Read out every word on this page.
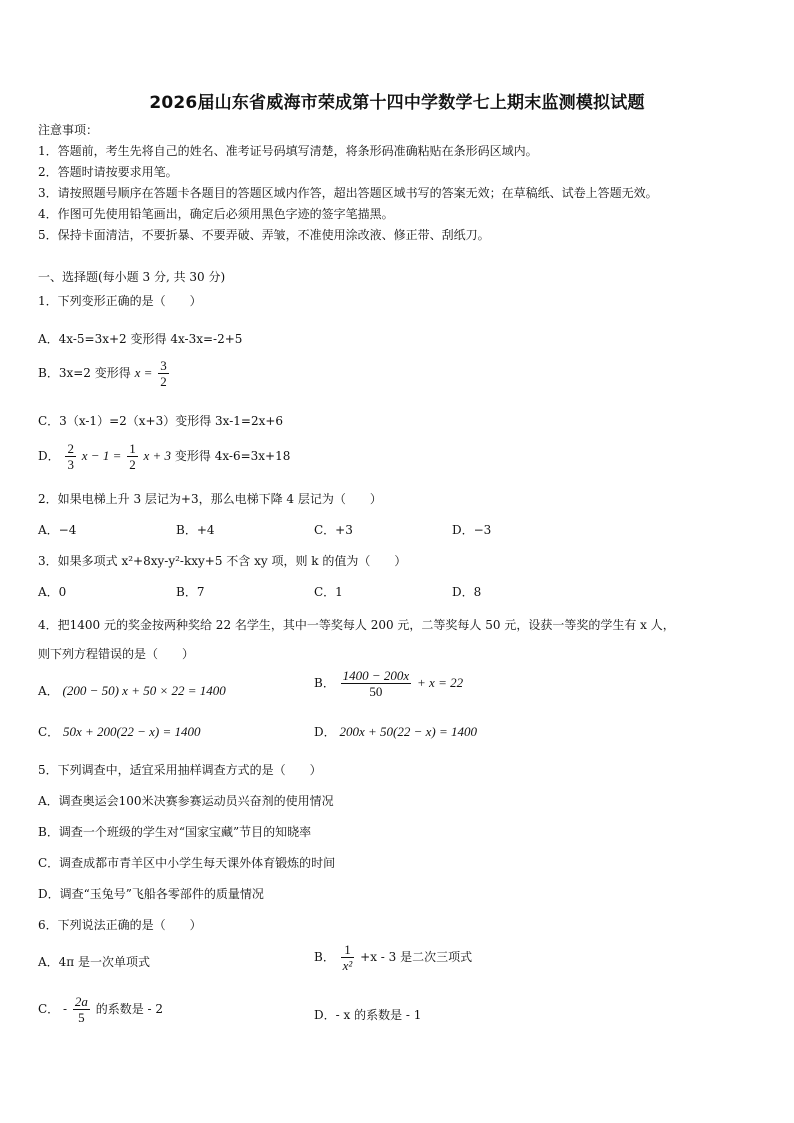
2026届山东省威海市荣成第十四中学数学七上期末监测模拟试题
注意事项：
1．答题前，考生先将自己的姓名、准考证号码填写清楚，将条形码准确粘贴在条形码区域内。
2．答题时请按要求用笔。
3．请按照题号顺序在答题卡各题目的答题区域内作答，超出答题区域书写的答案无效；在草稿纸、试卷上答题无效。
4．作图可先使用铅笔画出，确定后必须用黑色字迹的签字笔描黑。
5．保持卡面清洁，不要折暴、不要弄破、弄皱，不准使用涂改液、修正带、刮纸刀。
一、选择题(每小题 3 分, 共 30 分)
1．下列变形正确的是（　　）
A．4x-5=3x+2 变形得 4x-3x=-2+5
B．3x=2 变形得 $x = \frac{3}{2}$
C．3（x-1）=2（x+3）变形得 3x-1=2x+6
D． $\frac{2}{3}$ $x - 1 = \frac{1}{2}$ x + 3 变形得 4x-6=3x+18
2．如果电梯上升 3 层记为+3，那么电梯下降 4 层记为（　　）
A．−4	B．+4	C．+3	D．−3
3．如果多项式 x²+8xy-y²-kxy+5 不含 xy 项，则 k 的值为（　　）
A．0	B．7	C．1	D．8
4．把1400 元的奖金按两种奖给 22 名学生，其中一等奖每人 200 元，二等奖每人 50 元，设获一等奖的学生有 x 人，
则下列方程错误的是（　　）
A． (200 − 50) x + 50 × 22 = 1400	B． $\frac{1400 - 200x}{50} + x = 22$
C． 50x + 200(22 − x) = 1400	D． 200x + 50(22 − x) = 1400
5．下列调查中，适宜采用抽样调查方式的是（　　）
A．调查奥运会100米决赛参赛运动员兴奋剂的使用情况
B．调查一个班级的学生对“国家宝藏”节目的知晓率
C．调查成都市青羊区中小学生每天课外体育锻炼的时间
D．调查“玉兔号”飞船各零部件的质量情况
6．下列说法正确的是（　　）
A．4π 是一次单项式	B． $\frac{1}{\text{x²}} +x - 3$ 是二次三项式
C． - $\frac{2a}{5}$ 的系数是 - 2	D．- x 的系数是 - 1
